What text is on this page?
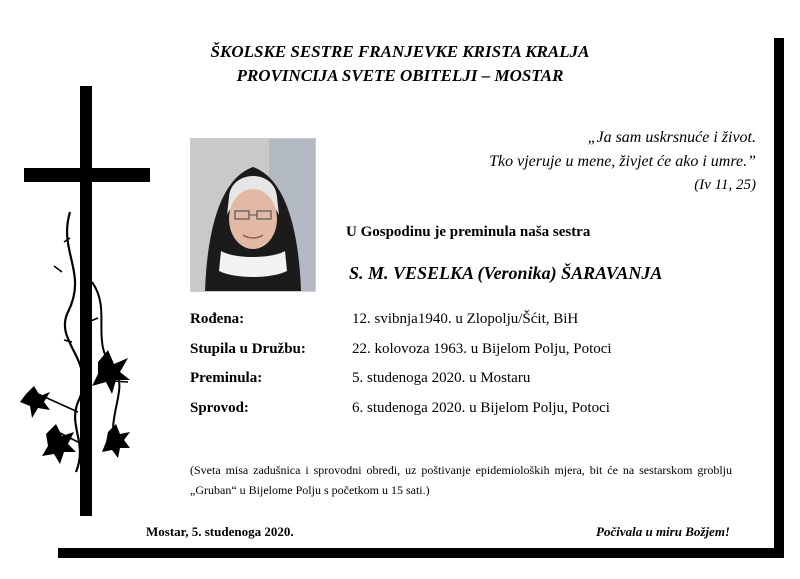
ŠKOLSKE SESTRE FRANJEVKE KRISTA KRALJA
PROVINCIJA SVETE OBITELJI – MOSTAR
„Ja sam uskrsnuće i život.
Tko vjeruje u mene, živjet će ako i umre.”
(Iv 11, 25)
U Gospodinu je preminula naša sestra
S. M. VESELKA (Veronika) ŠARAVANJA
Rođena:	12. svibnja1940. u Zlopolju/Šćit, BiH
Stupila u Družbu:	22. kolovoza 1963. u Bijelom Polju, Potoci
Preminula:	5. studenoga 2020. u Mostaru
Sprovod:	6. studenoga 2020. u Bijelom Polju, Potoci
(Sveta misa zadušnica i sprovodni obredi, uz poštivanje epidemioloških mjera, bit će na sestarskom groblju „Gruban“ u Bijelome Polju s početkom u 15 sati.)
Mostar, 5. studenoga 2020.	Počivala u miru Božjem!
